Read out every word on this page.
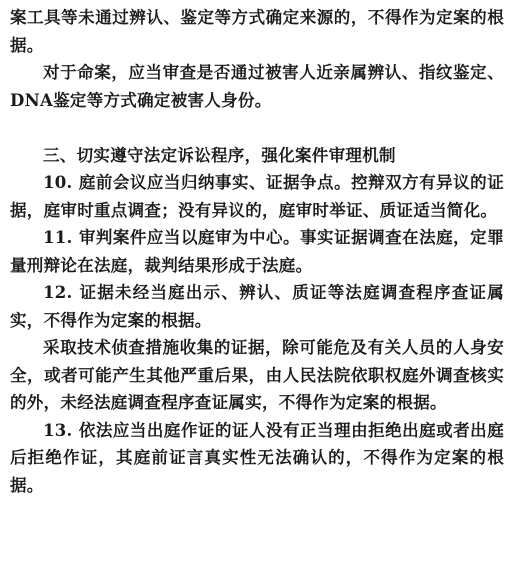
案工具等未通过辨认、鉴定等方式确定来源的，不得作为定案的根据。

对于命案，应当审查是否通过被害人近亲属辨认、指纹鉴定、DNA鉴定等方式确定被害人身份。

三、切实遵守法定诉讼程序，强化案件审理机制

10. 庭前会议应当归纳事实、证据争点。控辩双方有异议的证据，庭审时重点调查；没有异议的，庭审时举证、质证适当简化。

11. 审判案件应当以庭审为中心。事实证据调查在法庭，定罪量刑辩论在法庭，裁判结果形成于法庭。

12. 证据未经当庭出示、辨认、质证等法庭调查程序查证属实，不得作为定案的根据。

采取技术侦查措施收集的证据，除可能危及有关人员的人身安全，或者可能产生其他严重后果，由人民法院依职权庭外调查核实的外，未经法庭调查程序查证属实，不得作为定案的根据。

13. 依法应当出庭作证的证人没有正当理由拒绝出庭或者出庭后拒绝作证，其庭前证言真实性无法确认的，不得作为定案的根据。
